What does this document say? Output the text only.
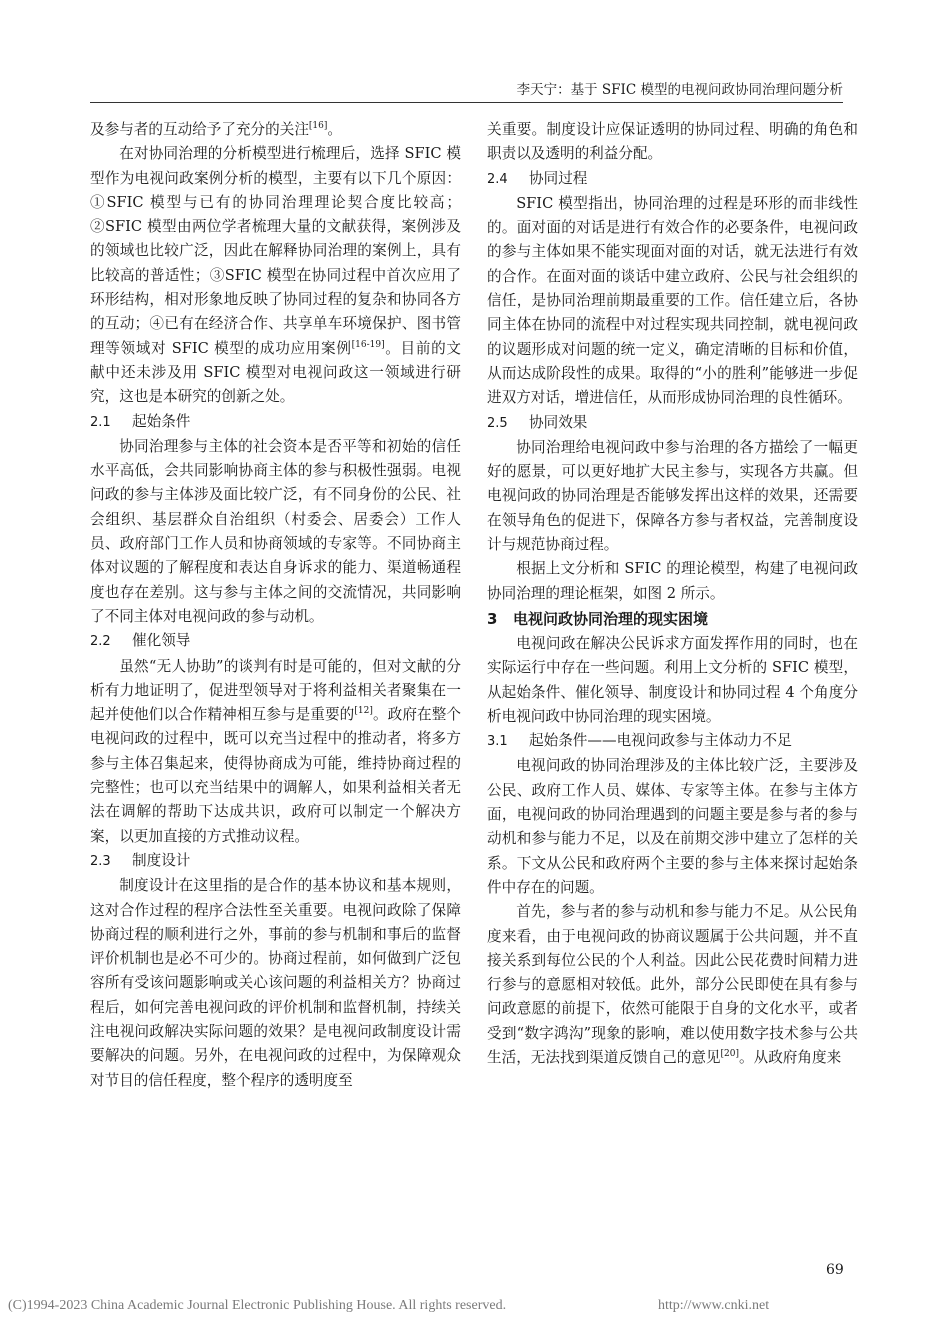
李天宁：基于 SFIC 模型的电视问政协同治理问题分析

及参与者的互动给予了充分的关注[16]。

在对协同治理的分析模型进行梳理后，选择 SFIC 模型作为电视问政案例分析的模型，主要有以下几个原因：①SFIC 模型与已有的协同治理理论契合度比较高；②SFIC 模型由两位学者梳理大量的文献获得，案例涉及的领域也比较广泛，因此在解释协同治理的案例上，具有比较高的普适性；③SFIC 模型在协同过程中首次应用了环形结构，相对形象地反映了协同过程的复杂和协同各方的互动；④已有在经济合作、共享单车环境保护、图书管理等领域对 SFIC 模型的成功应用案例[16-19]。目前的文献中还未涉及用 SFIC 模型对电视问政这一领域进行研究，这也是本研究的创新之处。

2.1 起始条件

协同治理参与主体的社会资本是否平等和初始的信任水平高低，会共同影响协商主体的参与积极性强弱。电视问政的参与主体涉及面比较广泛，有不同身份的公民、社会组织、基层群众自治组织（村委会、居委会）工作人员、政府部门工作人员和协商领域的专家等。不同协商主体对议题的了解程度和表达自身诉求的能力、渠道畅通程度也存在差别。这与参与主体之间的交流情况，共同影响了不同主体对电视问政的参与动机。

2.2 催化领导

虽然“无人协助”的谈判有时是可能的，但对文献的分析有力地证明了，促进型领导对于将利益相关者聚集在一起并使他们以合作精神相互参与是重要的[12]。政府在整个电视问政的过程中，既可以充当过程中的推动者，将多方参与主体召集起来，使得协商成为可能，维持协商过程的完整性；也可以充当结果中的调解人，如果利益相关者无法在调解的帮助下达成共识，政府可以制定一个解决方案，以更加直接的方式推动议程。

2.3 制度设计

制度设计在这里指的是合作的基本协议和基本规则，这对合作过程的程序合法性至关重要。电视问政除了保障协商过程的顺利进行之外，事前的参与机制和事后的监督评价机制也是必不可少的。协商过程前，如何做到广泛包容所有受该问题影响或关心该问题的利益相关方？协商过程后，如何完善电视问政的评价机制和监督机制，持续关注电视问政解决实际问题的效果？是电视问政制度设计需要解决的问题。另外，在电视问政的过程中，为保障观众对节目的信任程度，整个程序的透明度至

关重要。制度设计应保证透明的协同过程、明确的角色和职责以及透明的利益分配。

2.4 协同过程

SFIC 模型指出，协同治理的过程是环形的而非线性的。面对面的对话是进行有效合作的必要条件，电视问政的参与主体如果不能实现面对面的对话，就无法进行有效的合作。在面对面的谈话中建立政府、公民与社会组织的信任，是协同治理前期最重要的工作。信任建立后，各协同主体在协同的流程中对过程实现共同控制，就电视问政的议题形成对问题的统一定义，确定清晰的目标和价值，从而达成阶段性的成果。取得的“小的胜利”能够进一步促进双方对话，增进信任，从而形成协同治理的良性循环。

2.5 协同效果

协同治理给电视问政中参与治理的各方描绘了一幅更好的愿景，可以更好地扩大民主参与，实现各方共赢。但电视问政的协同治理是否能够发挥出这样的效果，还需要在领导角色的促进下，保障各方参与者权益，完善制度设计与规范协商过程。

根据上文分析和 SFIC 的理论模型，构建了电视问政协同治理的理论框架，如图 2 所示。

3 电视问政协同治理的现实困境

电视问政在解决公民诉求方面发挥作用的同时，也在实际运行中存在一些问题。利用上文分析的 SFIC 模型，从起始条件、催化领导、制度设计和协同过程 4 个角度分析电视问政中协同治理的现实困境。

3.1 起始条件——电视问政参与主体动力不足

电视问政的协同治理涉及的主体比较广泛，主要涉及公民、政府工作人员、媒体、专家等主体。在参与主体方面，电视问政的协同治理遇到的问题主要是参与者的参与动机和参与能力不足，以及在前期交涉中建立了怎样的关系。下文从公民和政府两个主要的参与主体来探讨起始条件中存在的问题。

首先，参与者的参与动机和参与能力不足。从公民角度来看，由于电视问政的协商议题属于公共问题，并不直接关系到每位公民的个人利益。因此公民花费时间精力进行参与的意愿相对较低。此外，部分公民即使在具有参与问政意愿的前提下，依然可能限于自身的文化水平，或者受到“数字鸿沟”现象的影响，难以使用数字技术参与公共生活，无法找到渠道反馈自己的意见[20]。从政府角度来

69
(C)1994-2023 China Academic Journal Electronic Publishing House. All rights reserved.	http://www.cnki.net
